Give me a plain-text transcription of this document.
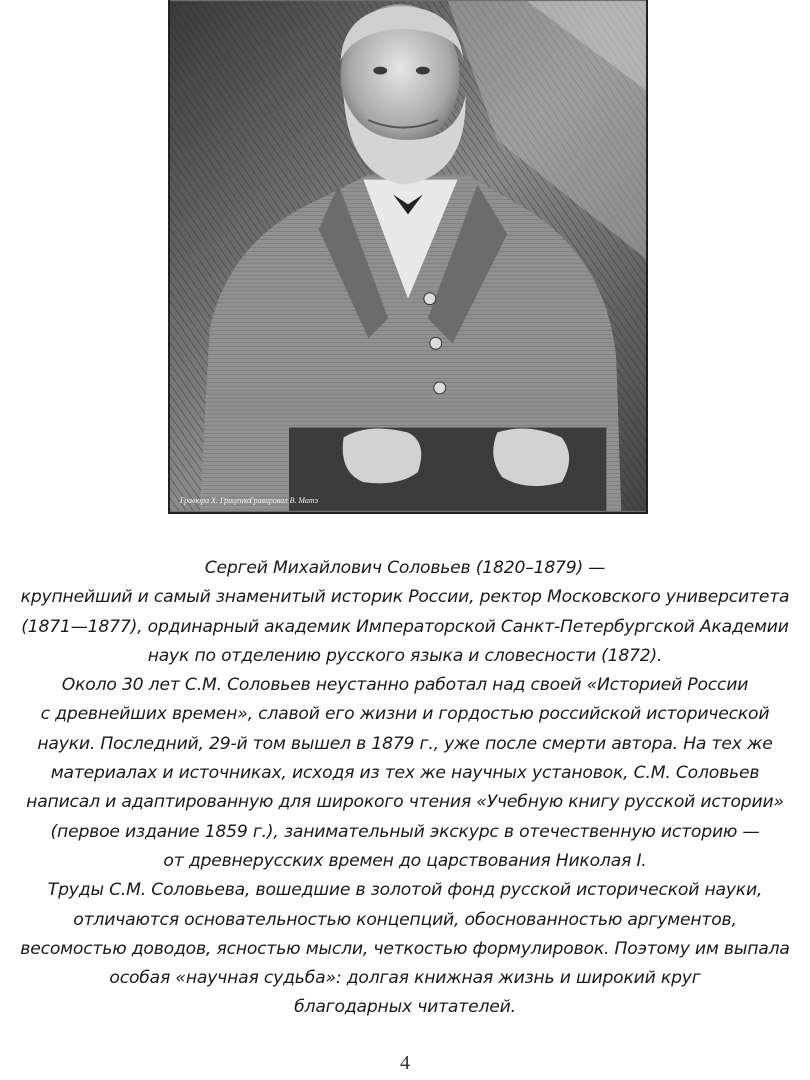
Гравюра Х. Гриценко
Гравировал В. Матэ
Сергей Михайлович Соловьев (1820–1879) —
крупнейший и самый знаменитый историк России, ректор Московского университета
(1871—1877), ординарный академик Императорской Санкт-Петербургской Академии
наук по отделению русского языка и словесности (1872).
Около 30 лет С.М. Соловьев неустанно работал над своей «Историей России
с древнейших времен», славой его жизни и гордостью российской исторической
науки. Последний, 29-й том вышел в 1879 г., уже после смерти автора. На тех же
материалах и источниках, исходя из тех же научных установок, С.М. Соловьев
написал и адаптированную для широкого чтения «Учебную книгу русской истории»
(первое издание 1859 г.), занимательный экскурс в отечественную историю —
от древнерусских времен до царствования Николая I.
Труды С.М. Соловьева, вошедшие в золотой фонд русской исторической науки,
отличаются основательностью концепций, обоснованностью аргументов,
весомостью доводов, ясностью мысли, четкостью формулировок. Поэтому им выпала
особая «научная судьба»: долгая книжная жизнь и широкий круг
благодарных читателей.
4
